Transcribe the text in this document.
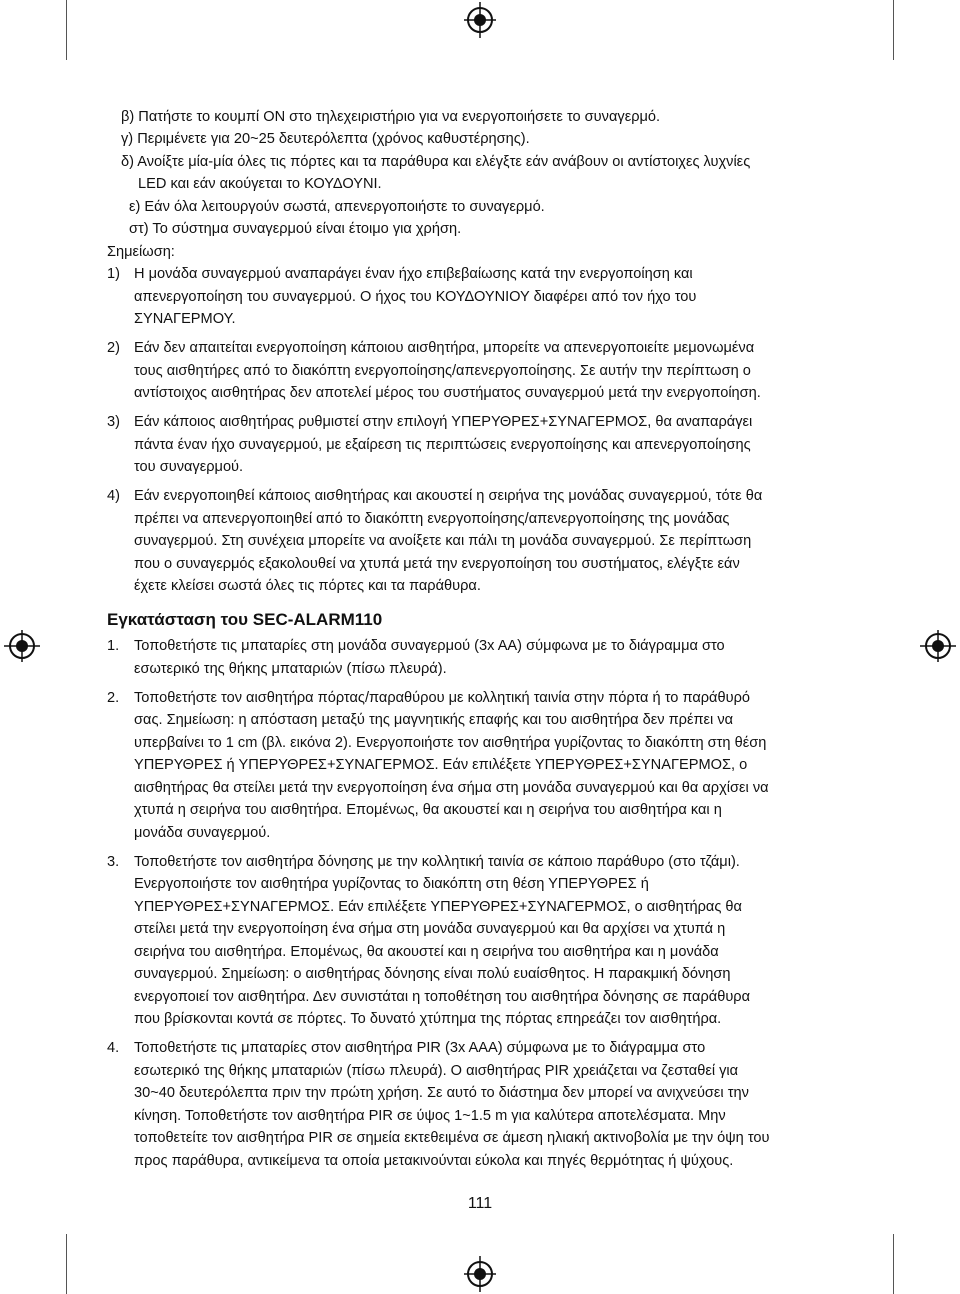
β) Πατήστε το κουμπί ON στο τηλεχειριστήριο για να ενεργοποιήσετε το συναγερμό.
γ) Περιμένετε για 20~25 δευτερόλεπτα (χρόνος καθυστέρησης).
δ) Ανοίξτε μία-μία όλες τις πόρτες και τα παράθυρα και ελέγξτε εάν ανάβουν οι αντίστοιχες λυχνίες
LED και εάν ακούγεται το ΚΟΥΔΟΥΝΙ.
ε) Εάν όλα λειτουργούν σωστά, απενεργοποιήστε το συναγερμό.
στ) Το σύστημα συναγερμού είναι έτοιμο για χρήση.
Σημείωση:
1) Η μονάδα συναγερμού αναπαράγει έναν ήχο επιβεβαίωσης κατά την ενεργοποίηση και
απενεργοποίηση του συναγερμού. Ο ήχος του ΚΟΥΔΟΥΝΙΟΥ διαφέρει από τον ήχο του
ΣΥΝΑΓΕΡΜΟΥ.
2) Εάν δεν απαιτείται ενεργοποίηση κάποιου αισθητήρα, μπορείτε να απενεργοποιείτε μεμονωμένα
τους αισθητήρες από το διακόπτη ενεργοποίησης/απενεργοποίησης. Σε αυτήν την περίπτωση ο
αντίστοιχος αισθητήρας δεν αποτελεί μέρος του συστήματος συναγερμού μετά την ενεργοποίηση.
3) Εάν κάποιος αισθητήρας ρυθμιστεί στην επιλογή ΥΠΕΡΥΘΡΕΣ+ΣΥΝΑΓΕΡΜΟΣ, θα αναπαράγει
πάντα έναν ήχο συναγερμού, με εξαίρεση τις περιπτώσεις ενεργοποίησης και απενεργοποίησης
του συναγερμού.
4) Εάν ενεργοποιηθεί κάποιος αισθητήρας και ακουστεί η σειρήνα της μονάδας συναγερμού, τότε θα
πρέπει να απενεργοποιηθεί από το διακόπτη ενεργοποίησης/απενεργοποίησης της μονάδας
συναγερμού. Στη συνέχεια μπορείτε να ανοίξετε και πάλι τη μονάδα συναγερμού. Σε περίπτωση
που ο συναγερμός εξακολουθεί να χτυπά μετά την ενεργοποίηση του συστήματος, ελέγξτε εάν
έχετε κλείσει σωστά όλες τις πόρτες και τα παράθυρα.
Εγκατάσταση του SEC-ALARM110
1. Τοποθετήστε τις μπαταρίες στη μονάδα συναγερμού (3x AA) σύμφωνα με το διάγραμμα στο
εσωτερικό της θήκης μπαταριών (πίσω πλευρά).
2. Τοποθετήστε τον αισθητήρα πόρτας/παραθύρου με κολλητική ταινία στην πόρτα ή το παράθυρό
σας. Σημείωση: η απόσταση μεταξύ της μαγνητικής επαφής και του αισθητήρα δεν πρέπει να
υπερβαίνει το 1 cm (βλ. εικόνα 2). Ενεργοποιήστε τον αισθητήρα γυρίζοντας το διακόπτη στη θέση
ΥΠΕΡΥΘΡΕΣ ή ΥΠΕΡΥΘΡΕΣ+ΣΥΝΑΓΕΡΜΟΣ. Εάν επιλέξετε ΥΠΕΡΥΘΡΕΣ+ΣΥΝΑΓΕΡΜΟΣ, ο
αισθητήρας θα στείλει μετά την ενεργοποίηση ένα σήμα στη μονάδα συναγερμού και θα αρχίσει να
χτυπά η σειρήνα του αισθητήρα. Επομένως, θα ακουστεί και η σειρήνα του αισθητήρα και η
μονάδα συναγερμού.
3. Τοποθετήστε τον αισθητήρα δόνησης με την κολλητική ταινία σε κάποιο παράθυρο (στο τζάμι).
Ενεργοποιήστε τον αισθητήρα γυρίζοντας το διακόπτη στη θέση ΥΠΕΡΥΘΡΕΣ ή
ΥΠΕΡΥΘΡΕΣ+ΣΥΝΑΓΕΡΜΟΣ. Εάν επιλέξετε ΥΠΕΡΥΘΡΕΣ+ΣΥΝΑΓΕΡΜΟΣ, ο αισθητήρας θα
στείλει μετά την ενεργοποίηση ένα σήμα στη μονάδα συναγερμού και θα αρχίσει να χτυπά η
σειρήνα του αισθητήρα. Επομένως, θα ακουστεί και η σειρήνα του αισθητήρα και η μονάδα
συναγερμού. Σημείωση: ο αισθητήρας δόνησης είναι πολύ ευαίσθητος. Η παρακμική δόνηση
ενεργοποιεί τον αισθητήρα. Δεν συνιστάται η τοποθέτηση του αισθητήρα δόνησης σε παράθυρα
που βρίσκονται κοντά σε πόρτες. Το δυνατό χτύπημα της πόρτας επηρεάζει τον αισθητήρα.
4. Τοποθετήστε τις μπαταρίες στον αισθητήρα PIR (3x AAA) σύμφωνα με το διάγραμμα στο
εσωτερικό της θήκης μπαταριών (πίσω πλευρά). Ο αισθητήρας PIR χρειάζεται να ζεσταθεί για
30~40 δευτερόλεπτα πριν την πρώτη χρήση. Σε αυτό το διάστημα δεν μπορεί να ανιχνεύσει την
κίνηση. Τοποθετήστε τον αισθητήρα PIR σε ύψος 1~1.5 m για καλύτερα αποτελέσματα. Μην
τοποθετείτε τον αισθητήρα PIR σε σημεία εκτεθειμένα σε άμεση ηλιακή ακτινοβολία με την όψη του
προς παράθυρα, αντικείμενα τα οποία μετακινούνται εύκολα και πηγές θερμότητας ή ψύχους.
111
